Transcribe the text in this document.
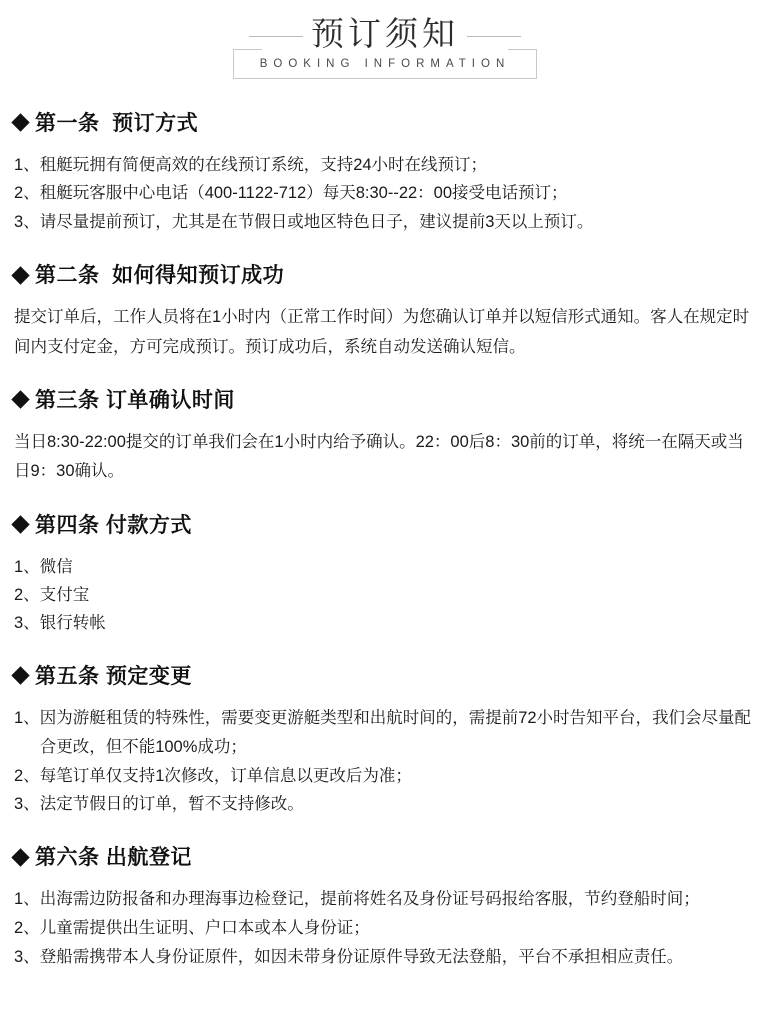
预订须知
BOOKING INFORMATION
第一条  预订方式
1、 租艇玩拥有简便高效的在线预订系统，支持24小时在线预订；
2、 租艇玩客服中心电话（400-1122-712）每天8:30--22：00接受电话预订；
3、 请尽量提前预订，尤其是在节假日或地区特色日子，建议提前3天以上预订。
第二条  如何得知预订成功

提交订单后，工作人员将在1小时内（正常工作时间）为您确认订单并以短信形式通知。客人在规定时间内支付定金，方可完成预订。预订成功后，系统自动发送确认短信。

第三条 订单确认时间

当日8:30-22:00提交的订单我们会在1小时内给予确认。22：00后8：30前的订单，将统一在隔天或当日9：30确认。

第四条 付款方式
1、 微信
2、 支付宝
3、 银行转帐
第五条 预定变更
1、 因为游艇租赁的特殊性，需要变更游艇类型和出航时间的，需提前72小时告知平台，我们会尽量配合更改，但不能100%成功；
2、 每笔订单仅支持1次修改，订单信息以更改后为准；
3、 法定节假日的订单，暂不支持修改。
第六条 出航登记
1、 出海需边防报备和办理海事边检登记，提前将姓名及身份证号码报给客服，节约登船时间；
2、 儿童需提供出生证明、户口本或本人身份证；
3、 登船需携带本人身份证原件，如因未带身份证原件导致无法登船，平台不承担相应责任。
